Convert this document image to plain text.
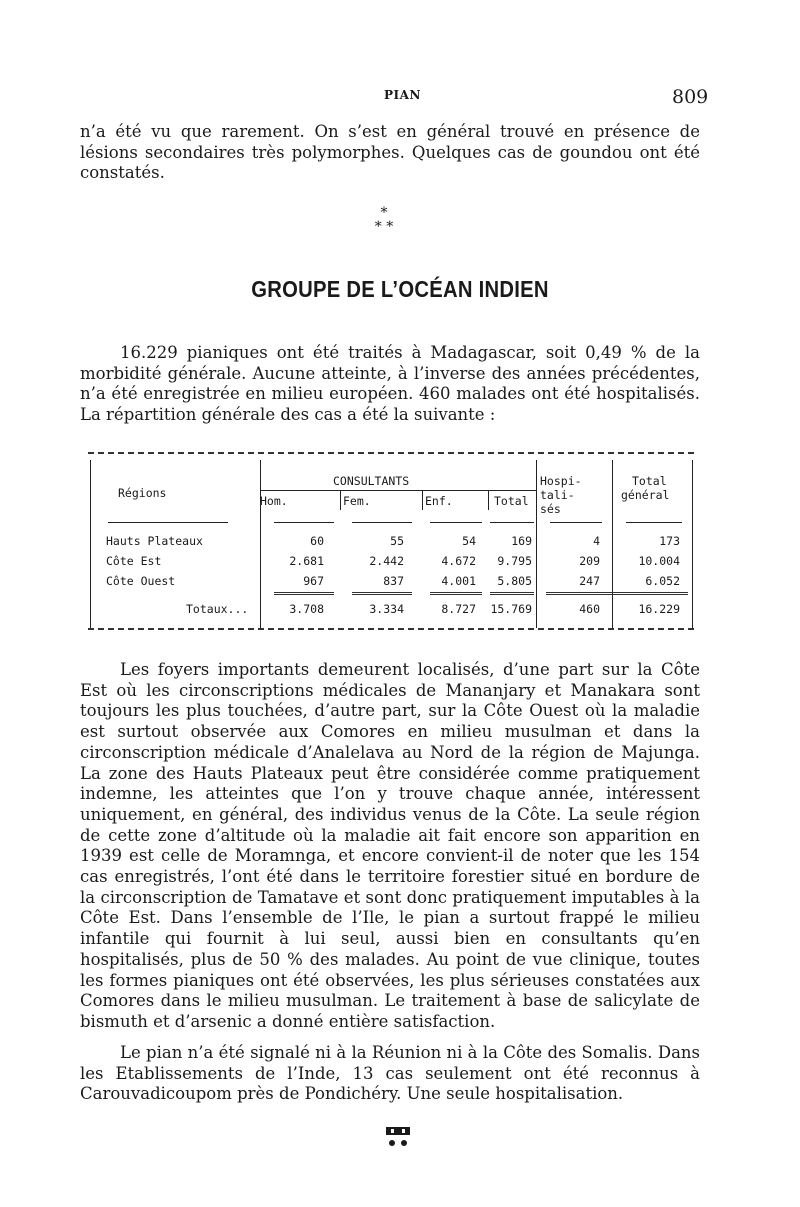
PIAN	809

n’a été vu que rarement. On s’est en général trouvé en présence de lésions secondaires très polymorphes. Quelques cas de goundou ont été constatés.

*
* *
GROUPE DE L’OCÉAN INDIEN

16.229 pianiques ont été traités à Madagascar, soit 0,49 % de la morbidité générale. Aucune atteinte, à l’inverse des années précédentes, n’a été enregistrée en milieu européen. 460 malades ont été hospitalisés. La répartition générale des cas a été la suivante :

CONSULTANTS
Régions
Hom.	Fem.	Enf.	Total
Hospi-
tali-
sés
Total
général
Hauts Plateaux	60	55	54	169	4	173
Côte Est	2.681	2.442	4.672	9.795	209	10.004
Côte Ouest	967	837	4.001	5.805	247	6.052
Totaux...	3.708	3.334	8.727	15.769	460	16.229

Les foyers importants demeurent localisés, d’une part sur la Côte Est où les circonscriptions médicales de Mananjary et Manakara sont toujours les plus touchées, d’autre part, sur la Côte Ouest où la maladie est surtout observée aux Comores en milieu musulman et dans la circonscription médicale d’Analelava au Nord de la région de Majunga. La zone des Hauts Plateaux peut être considérée comme pratiquement indemne, les atteintes que l’on y trouve chaque année, intéressent uniquement, en général, des individus venus de la Côte. La seule région de cette zone d’altitude où la maladie ait fait encore son apparition en 1939 est celle de Moramnga, et encore convient-il de noter que les 154 cas enregistrés, l’ont été dans le territoire forestier situé en bordure de la circonscription de Tamatave et sont donc pratiquement imputables à la Côte Est. Dans l’ensemble de l’Ile, le pian a surtout frappé le milieu infantile qui fournit à lui seul, aussi bien en consultants qu’en hospitalisés, plus de 50 % des malades. Au point de vue clinique, toutes les formes pianiques ont été observées, les plus sérieuses constatées aux Comores dans le milieu musulman. Le traitement à base de salicylate de bismuth et d’arsenic a donné entière satisfaction.

Le pian n’a été signalé ni à la Réunion ni à la Côte des Somalis. Dans les Etablissements de l’Inde, 13 cas seulement ont été reconnus à Carouvadicoupom près de Pondichéry. Une seule hospitalisation.
